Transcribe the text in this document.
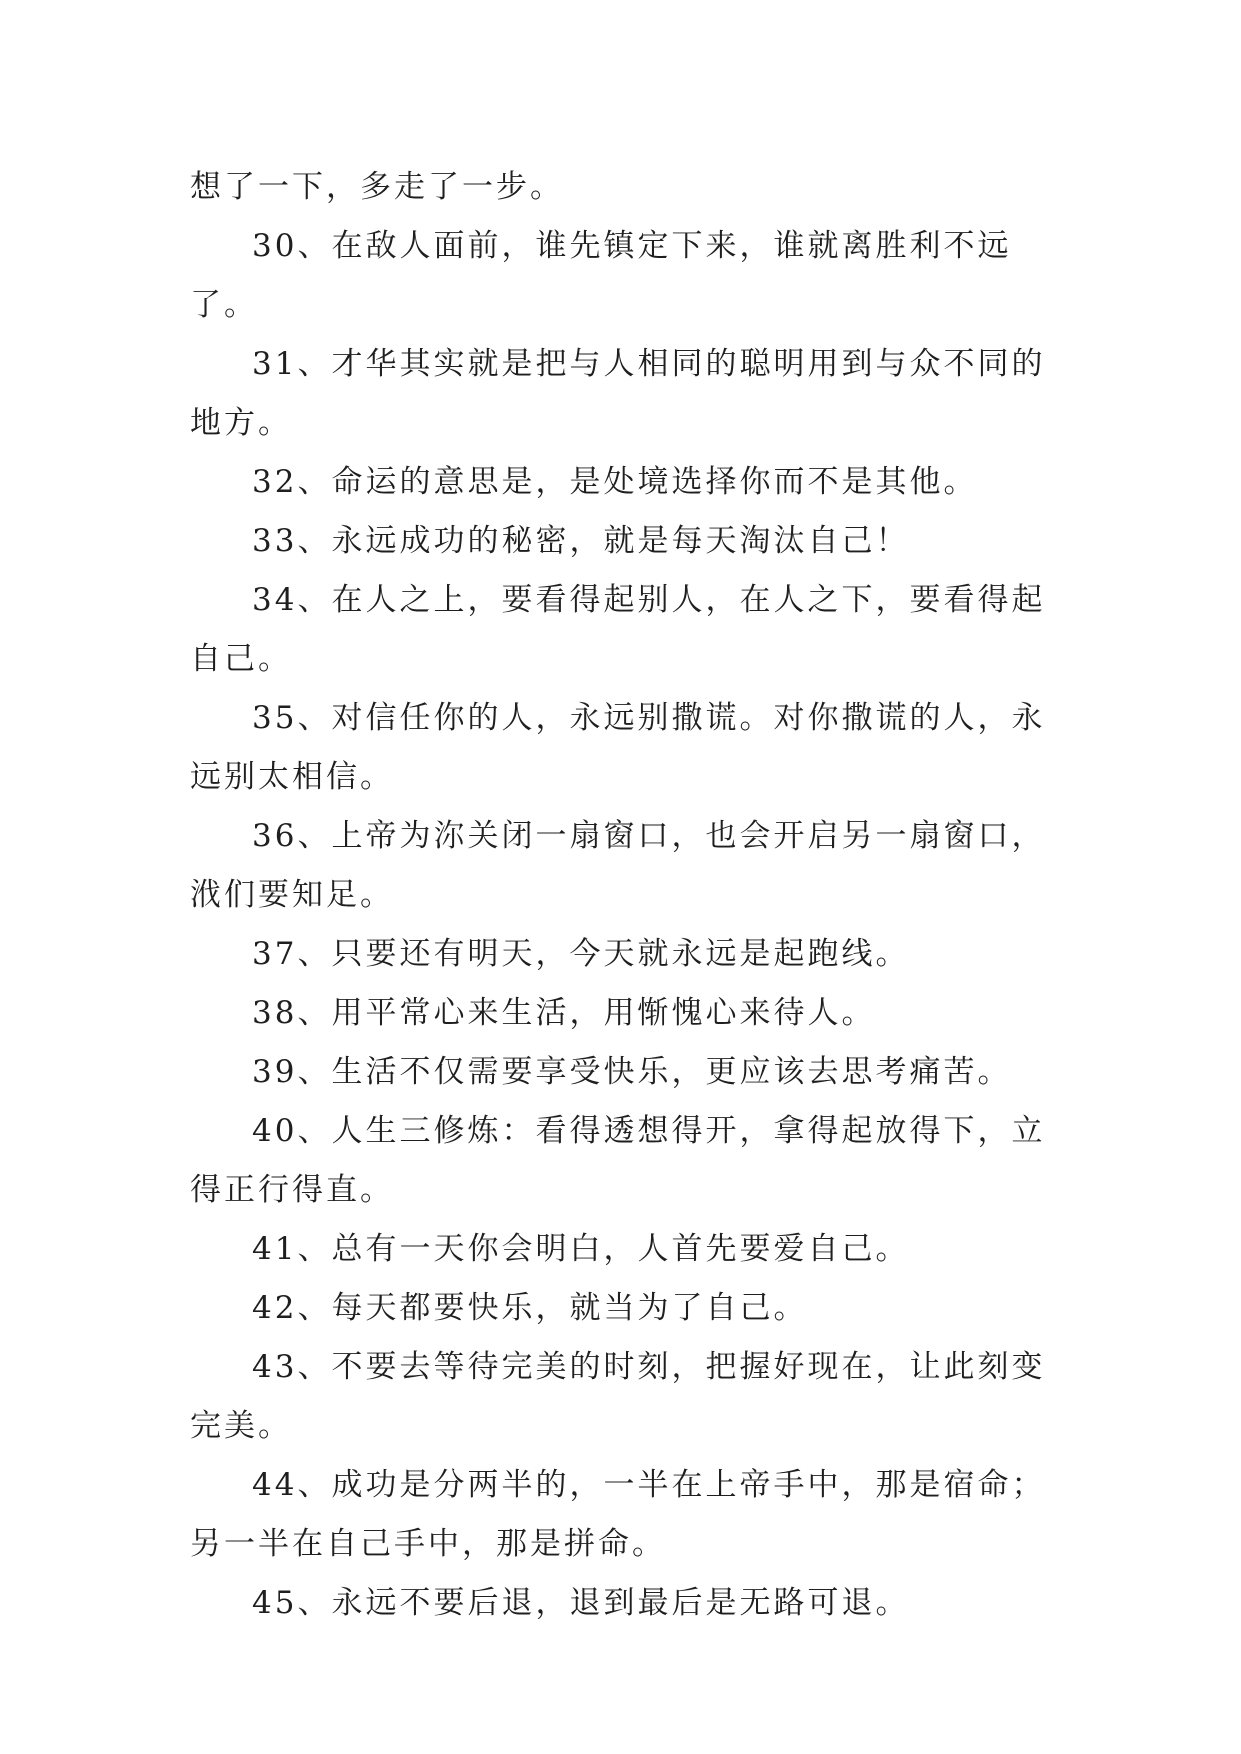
想了一下，多走了一步。

30、在敌人面前，谁先镇定下来，谁就离胜利不远了。

31、才华其实就是把与人相同的聪明用到与众不同的地方。

32、命运的意思是，是处境选择你而不是其他。

33、永远成功的秘密，就是每天淘汰自己！

34、在人之上，要看得起别人，在人之下，要看得起自己。

35、对信任你的人，永远别撒谎。对你撒谎的人，永远别太相信。

36、上帝为沵关闭一扇窗口，也会开启另一扇窗口，浌们要知足。

37、只要还有明天，今天就永远是起跑线。

38、用平常心来生活，用惭愧心来待人。

39、生活不仅需要享受快乐，更应该去思考痛苦。

40、人生三修炼：看得透想得开，拿得起放得下，立得正行得直。

41、总有一天你会明白，人首先要爱自己。

42、每天都要快乐，就当为了自己。

43、不要去等待完美的时刻，把握好现在，让此刻变完美。

44、成功是分两半的，一半在上帝手中，那是宿命；另一半在自己手中，那是拼命。

45、永远不要后退，退到最后是无路可退。
